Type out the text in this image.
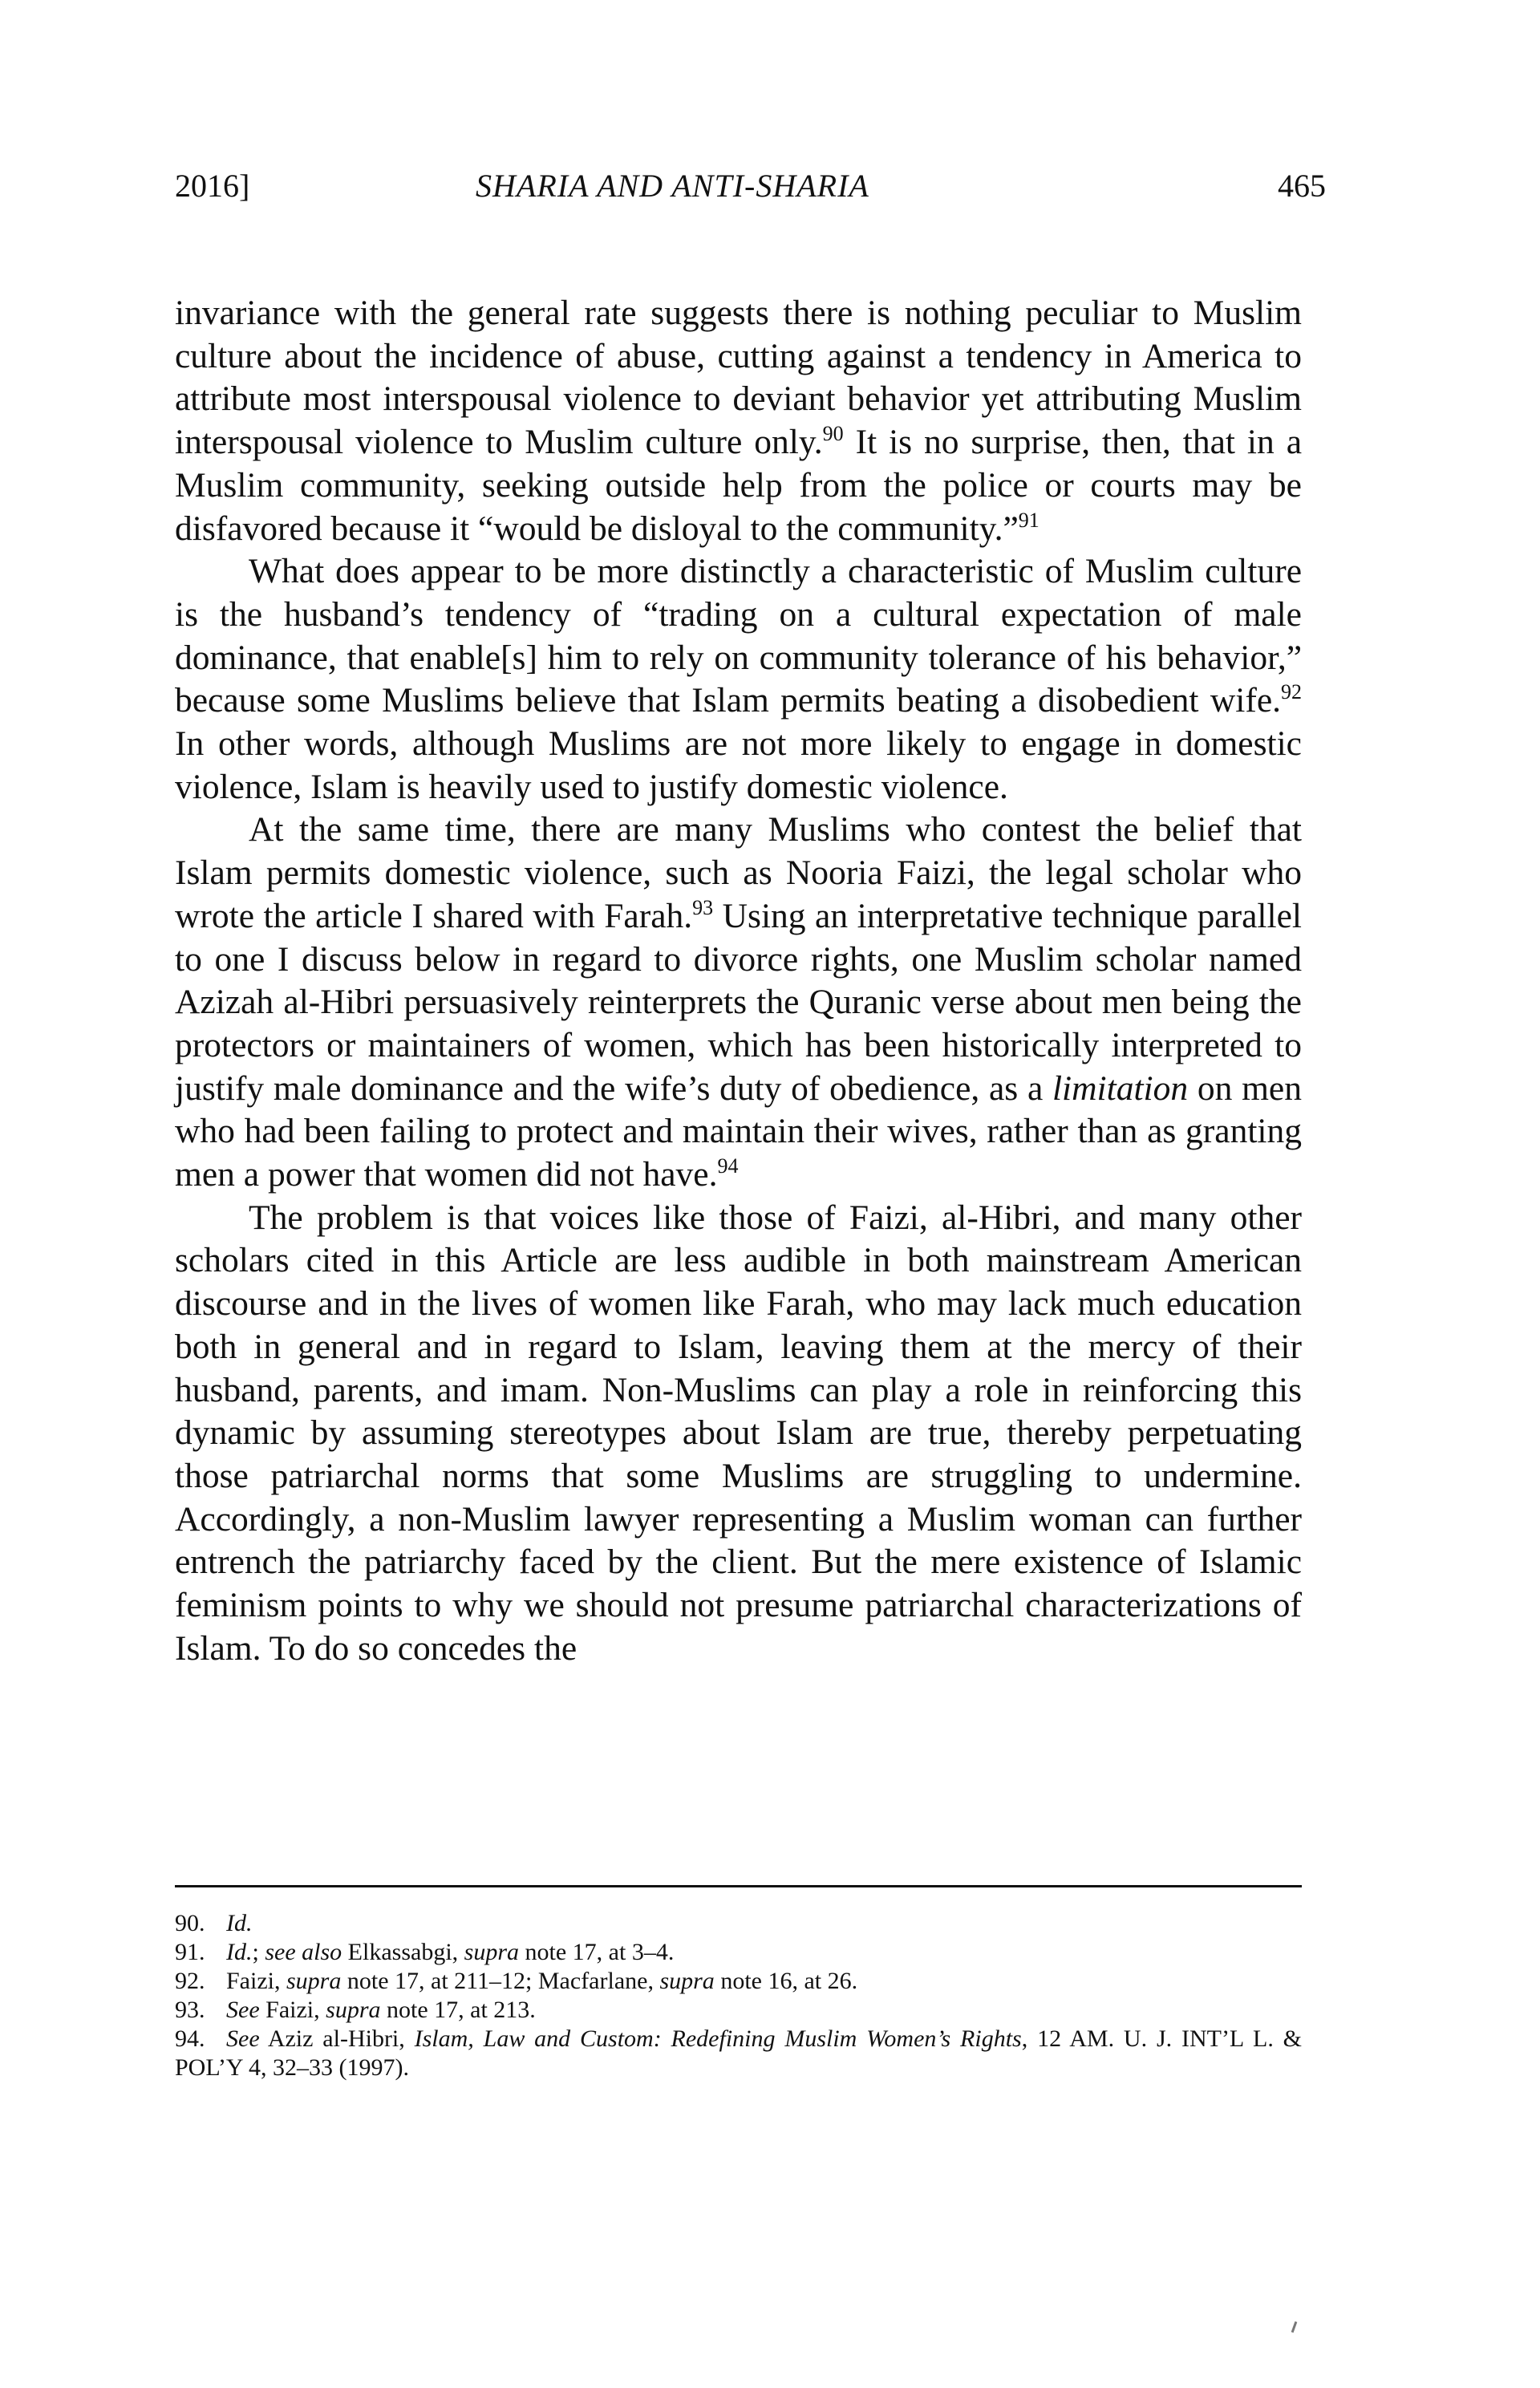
2016]	SHARIA AND ANTI-SHARIA	465

invariance with the general rate suggests there is nothing peculiar to Muslim culture about the incidence of abuse, cutting against a tendency in America to attribute most interspousal violence to deviant behavior yet attributing Muslim interspousal violence to Muslim culture only.$^{90}$ It is no surprise, then, that in a Muslim community, seeking outside help from the police or courts may be disfavored because it “would be disloyal to the community.”$^{91}$

What does appear to be more distinctly a characteristic of Muslim culture is the husband’s tendency of “trading on a cultural expectation of male dominance, that enable[s] him to rely on community tolerance of his behavior,” because some Muslims believe that Islam permits beating a disobedient wife.$^{92}$ In other words, although Muslims are not more likely to engage in domestic violence, Islam is heavily used to justify domestic violence.

At the same time, there are many Muslims who contest the belief that Islam permits domestic violence, such as Nooria Faizi, the legal scholar who wrote the article I shared with Farah.$^{93}$ Using an interpretative technique parallel to one I discuss below in regard to divorce rights, one Muslim scholar named Azizah al-Hibri persuasively reinterprets the Quranic verse about men being the protectors or maintainers of women, which has been historically interpreted to justify male dominance and the wife’s duty of obedience, as a limitation on men who had been failing to protect and maintain their wives, rather than as granting men a power that women did not have.$^{94}$

The problem is that voices like those of Faizi, al-Hibri, and many other scholars cited in this Article are less audible in both mainstream American discourse and in the lives of women like Farah, who may lack much education both in general and in regard to Islam, leaving them at the mercy of their husband, parents, and imam. Non-Muslims can play a role in reinforcing this dynamic by assuming stereotypes about Islam are true, thereby perpetuating those patriarchal norms that some Muslims are struggling to undermine. Accordingly, a non-Muslim lawyer representing a Muslim woman can further entrench the patriarchy faced by the client. But the mere existence of Islamic feminism points to why we should not presume patriarchal characterizations of Islam. To do so concedes the

90. Id.

91. Id.; see also Elkassabgi, supra note 17, at 3–4.

92. Faizi, supra note 17, at 211–12; Macfarlane, supra note 16, at 26.

93. See Faizi, supra note 17, at 213.

94. See Aziz al-Hibri, Islam, Law and Custom: Redefining Muslim Women’s Rights, 12 AM. U. J. INT’L L. & POL’Y 4, 32–33 (1997).
